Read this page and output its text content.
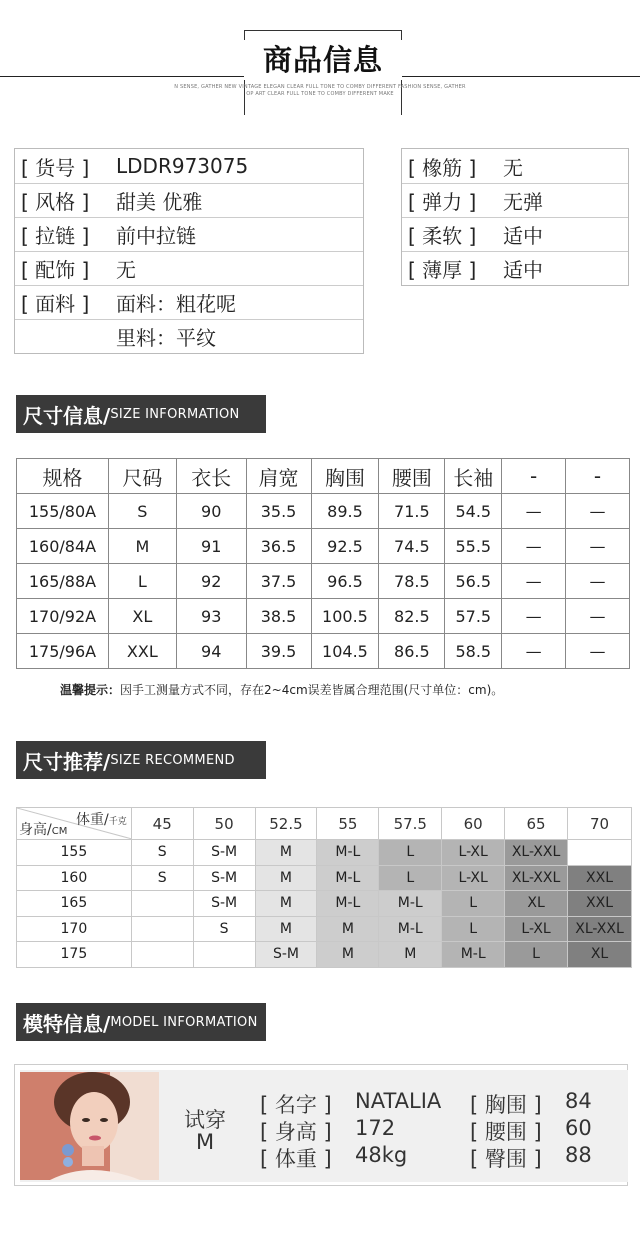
商品信息
N SENSE, GATHER NEW VINTAGE ELEGAN CLEAR FULL TONE TO COMBY DIFFERENT FASHION SENSE, GATHER
OP ART CLEAR FULL TONE TO COMBY DIFFERENT MAKE
[ 货号 ]	LDDR973075
[ 风格 ]	甜美 优雅
[ 拉链 ]	前中拉链
[ 配饰 ]	无
[ 面料 ]	面料：粗花呢
里料：平纹
[ 橡筋 ]	无
[ 弹力 ]	无弹
[ 柔软 ]	适中
[ 薄厚 ]	适中
尺寸信息/ SIZE INFORMATION
规格	尺码	衣长	肩宽	胸围	腰围	长袖	-	-
155/80A	S	90	35.5	89.5	71.5	54.5	—	—
160/84A	M	91	36.5	92.5	74.5	55.5	—	—
165/88A	L	92	37.5	96.5	78.5	56.5	—	—
170/92A	XL	93	38.5	100.5	82.5	57.5	—	—
175/96A	XXL	94	39.5	104.5	86.5	58.5	—	—
温馨提示：因手工测量方式不同，存在2~4cm误差皆属合理范围(尺寸单位：cm)。
尺寸推荐/ SIZE RECOMMEND
体重/千克
身高/CM	45	50	52.5	55	57.5	60	65	70
155	S	S-M	M	M-L	L	L-XL	XL-XXL	
160	S	S-M	M	M-L	L	L-XL	XL-XXL	XXL
165		S-M	M	M-L	M-L	L	XL	XXL
170		S	M	M	M-L	L	L-XL	XL-XXL
175			S-M	M	M	M-L	L	XL
模特信息/ MODEL INFORMATION
试穿
M
[ 名字 ] NATALIA
[ 身高 ] 172
[ 体重 ] 48kg
[ 胸围 ] 84
[ 腰围 ] 60
[ 臀围 ] 88
